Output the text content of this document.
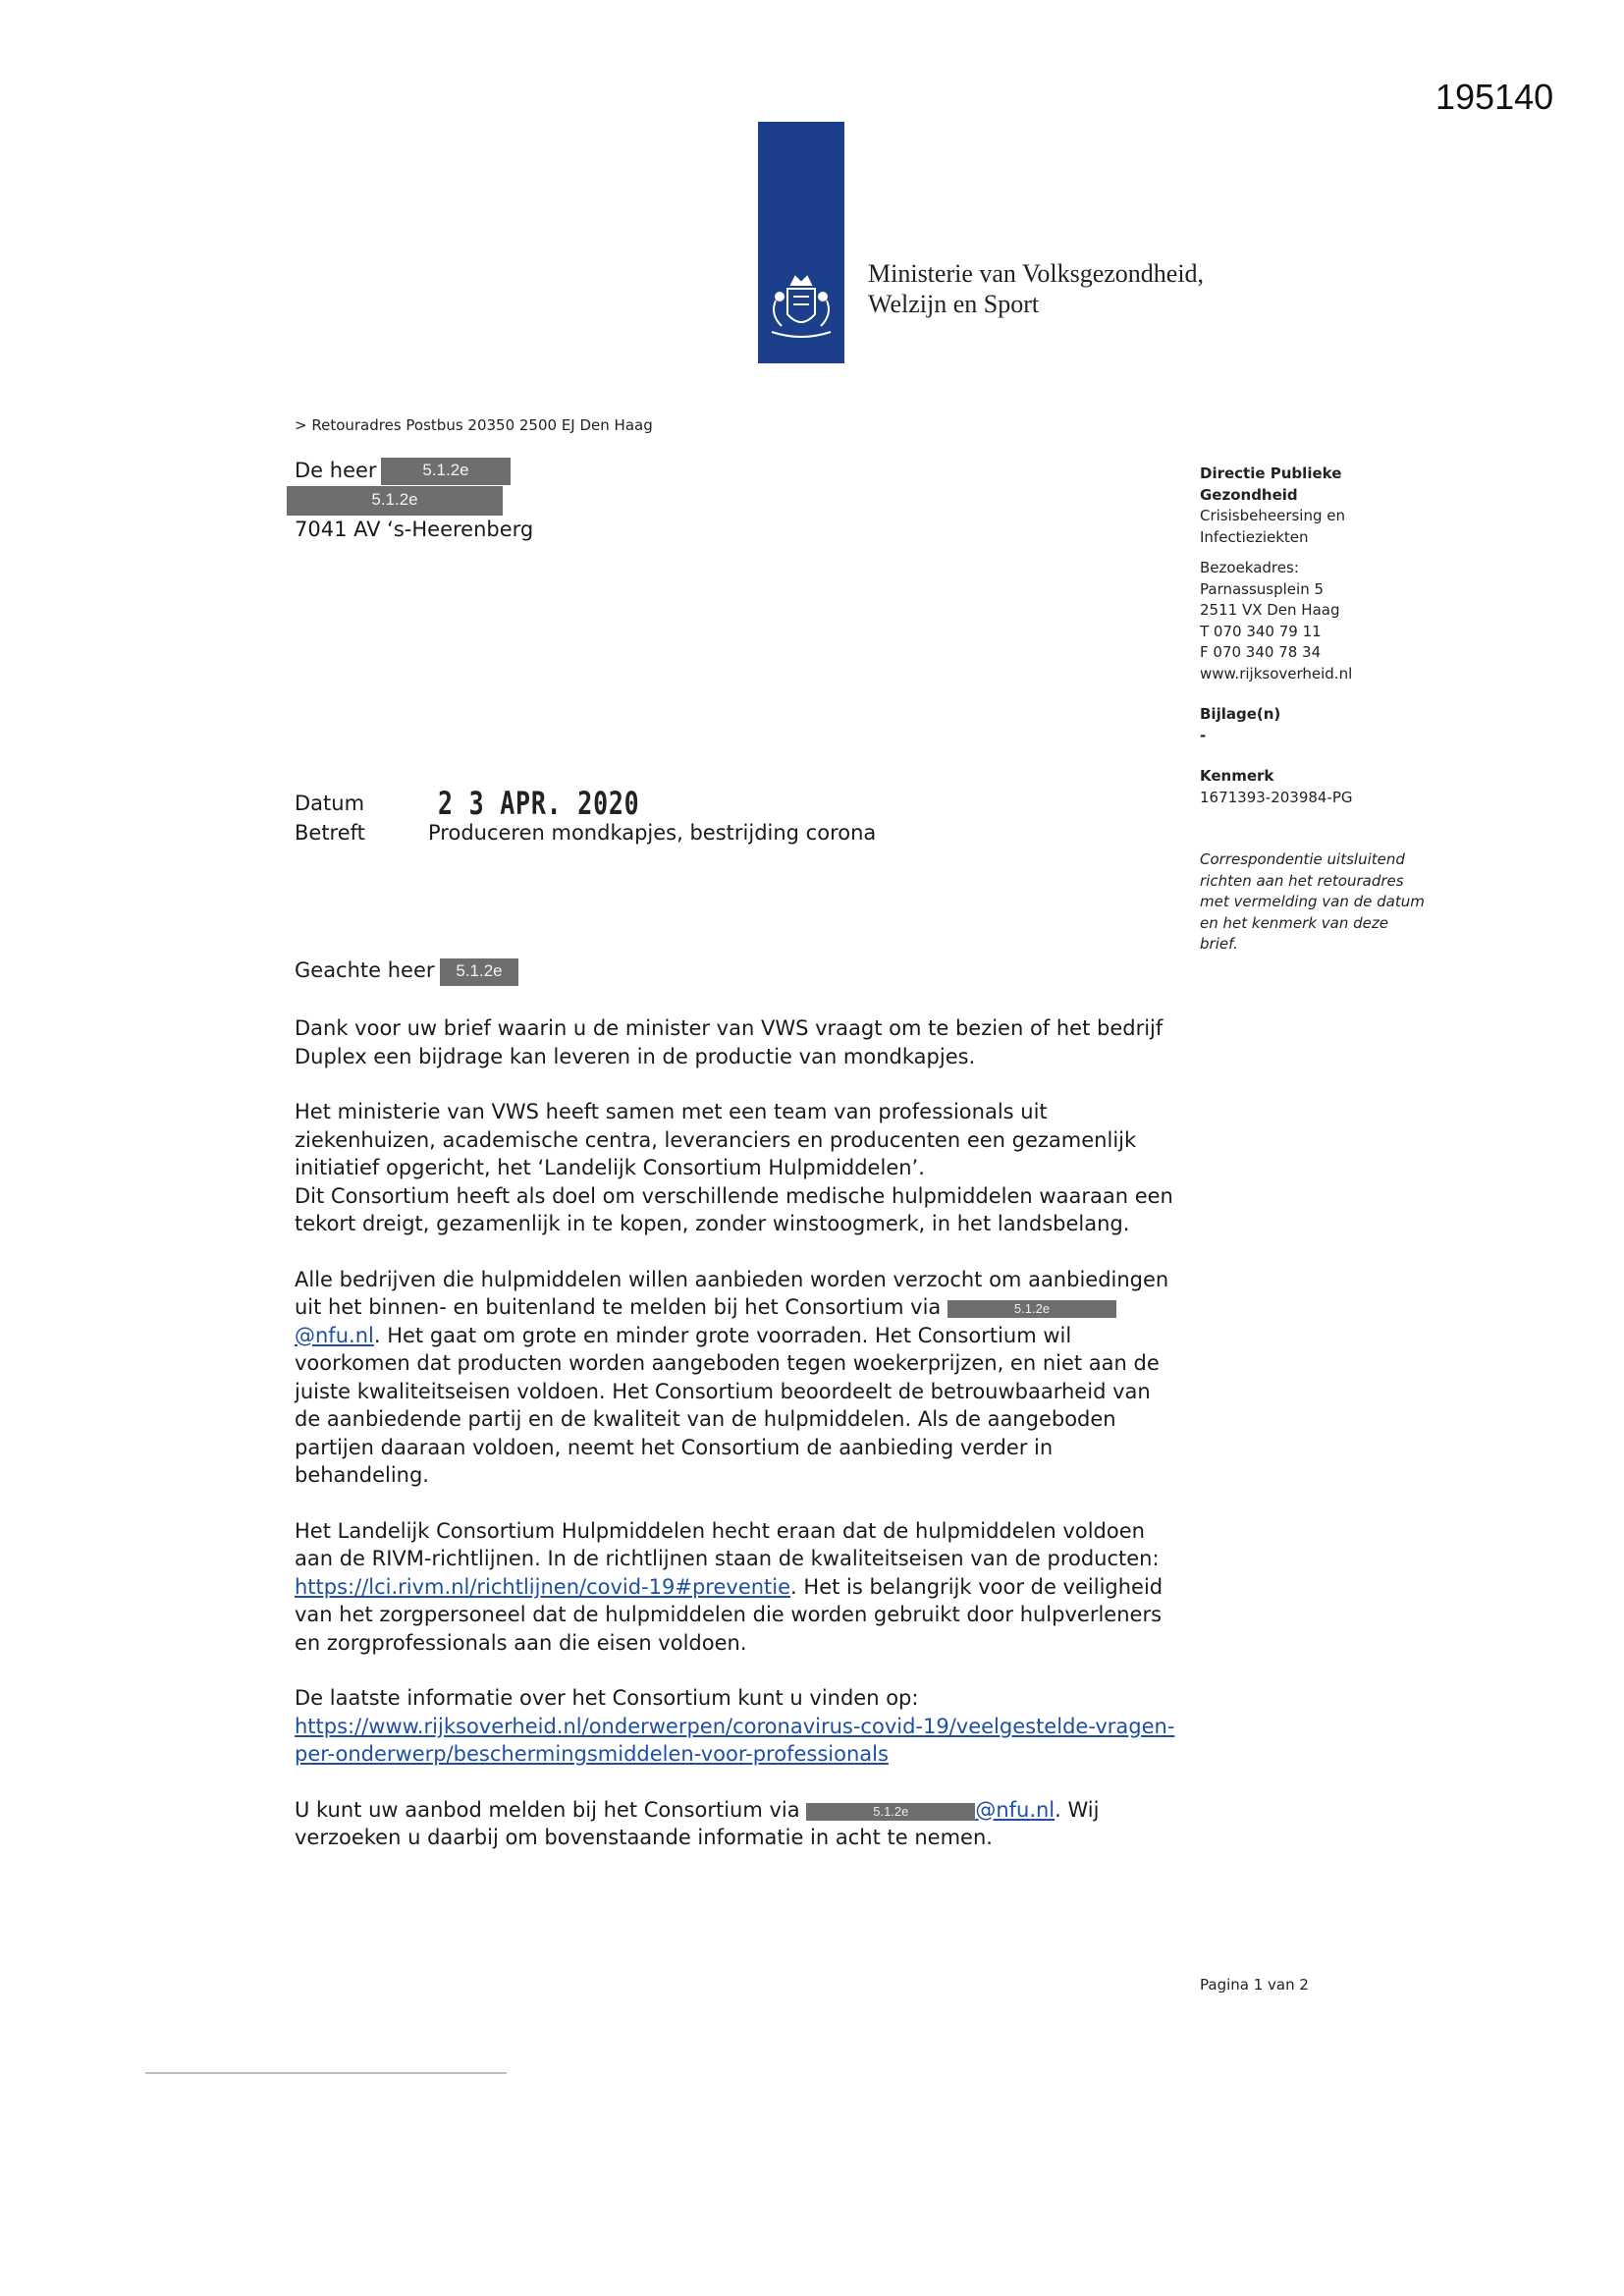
195140
Ministerie van Volksgezondheid,
Welzijn en Sport
> Retouradres Postbus 20350 2500 EJ Den Haag
De heer	5.1.2e
5.1.2e
7041 AV ‘s-Heerenberg
Directie Publieke
Gezondheid
Crisisbeheersing en
Infectieziekten
Bezoekadres:
Parnassusplein 5
2511 VX Den Haag
T 070 340 79 11
F 070 340 78 34
www.rijksoverheid.nl
Bijlage(n)
-
Kenmerk
1671393-203984-PG
Correspondentie uitsluitend
richten aan het retouradres
met vermelding van de datum
en het kenmerk van deze
brief.
Datum 2 3 APR. 2020
Betreft	Produceren mondkapjes, bestrijding corona
Geachte heer	5.1.2e

Dank voor uw brief waarin u de minister van VWS vraagt om te bezien of het bedrijf Duplex een bijdrage kan leveren in de productie van mondkapjes.

Het ministerie van VWS heeft samen met een team van professionals uit ziekenhuizen, academische centra, leveranciers en producenten een gezamenlijk initiatief opgericht, het ‘Landelijk Consortium Hulpmiddelen’.

Dit Consortium heeft als doel om verschillende medische hulpmiddelen waaraan een tekort dreigt, gezamenlijk in te kopen, zonder winstoogmerk, in het landsbelang.

Alle bedrijven die hulpmiddelen willen aanbieden worden verzocht om aanbiedingen uit het binnen- en buitenland te melden bij het Consortium via	5.1.2e@nfu.nl. Het gaat om grote en minder grote voorraden. Het Consortium wil voorkomen dat producten worden aangeboden tegen woekerprijzen, en niet aan de juiste kwaliteitseisen voldoen. Het Consortium beoordeelt de betrouwbaarheid van de aanbiedende partij en de kwaliteit van de hulpmiddelen. Als de aangeboden partijen daaraan voldoen, neemt het Consortium de aanbieding verder in behandeling.

Het Landelijk Consortium Hulpmiddelen hecht eraan dat de hulpmiddelen voldoen aan de RIVM-richtlijnen. In de richtlijnen staan de kwaliteitseisen van de producten: https://lci.rivm.nl/richtlijnen/covid-19#preventie. Het is belangrijk voor de veiligheid van het zorgpersoneel dat de hulpmiddelen die worden gebruikt door hulpverleners en zorgprofessionals aan die eisen voldoen.

De laatste informatie over het Consortium kunt u vinden op:
https://www.rijksoverheid.nl/onderwerpen/coronavirus-covid-19/veelgestelde-vragen-per-onderwerp/beschermingsmiddelen-voor-professionals

U kunt uw aanbod melden bij het Consortium via	5.1.2e	@nfu.nl. Wij verzoeken u daarbij om bovenstaande informatie in acht te nemen.

Pagina 1 van 2
